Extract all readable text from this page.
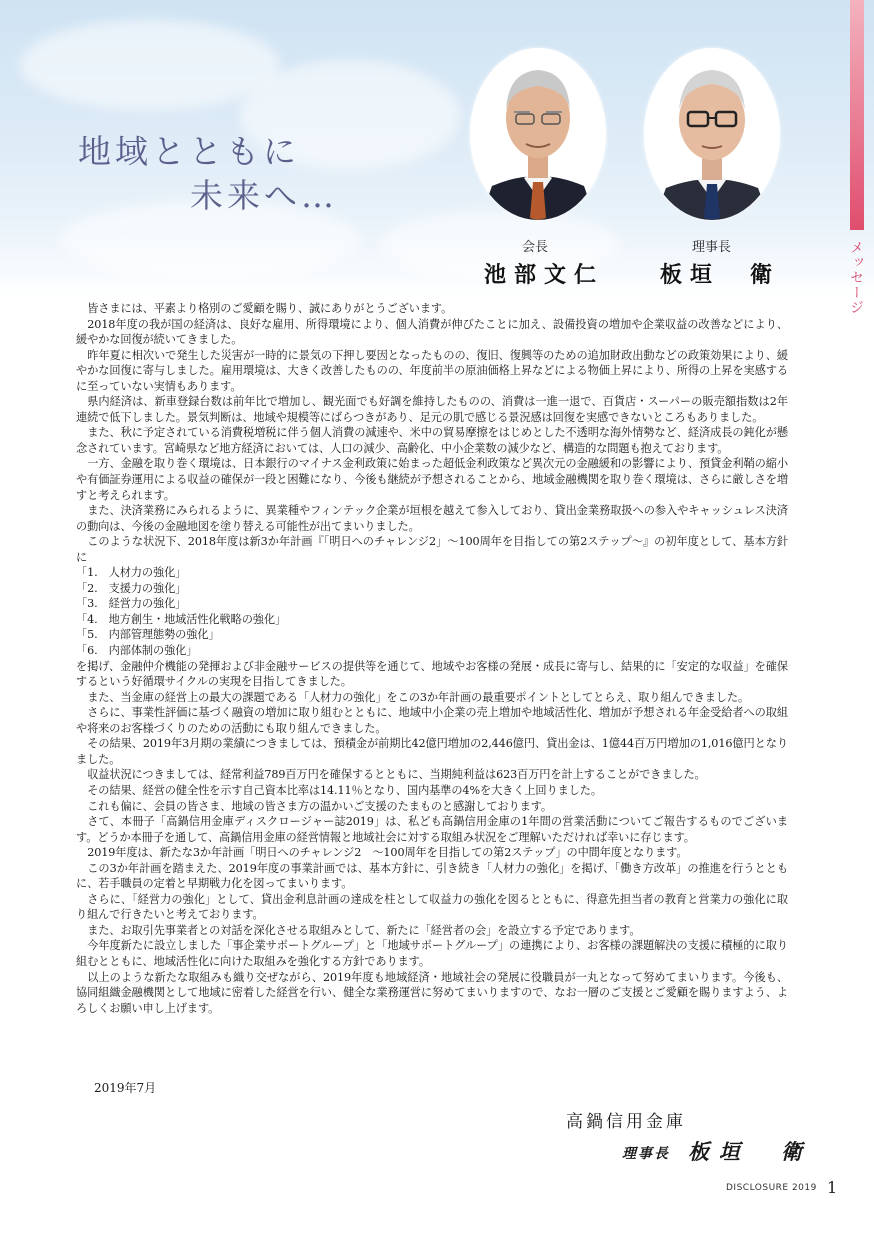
メッセージ
地域とともに
未来へ…
会長
池部文仁
理事長
板垣　衛

皆さまには、平素より格別のご愛顧を賜り、誠にありがとうございます。

2018年度の我が国の経済は、良好な雇用、所得環境により、個人消費が伸びたことに加え、設備投資の増加や企業収益の改善などにより、緩やかな回復が続いてきました。

昨年夏に相次いで発生した災害が一時的に景気の下押し要因となったものの、復旧、復興等のための追加財政出動などの政策効果により、緩やかな回復に寄与しました。雇用環境は、大きく改善したものの、年度前半の原油価格上昇などによる物価上昇により、所得の上昇を実感するに至っていない実情もあります。

県内経済は、新車登録台数は前年比で増加し、観光面でも好調を維持したものの、消費は一進一退で、百貨店・スーパーの販売額指数は2年連続で低下しました。景気判断は、地域や規模等にばらつきがあり、足元の肌で感じる景況感は回復を実感できないところもありました。

また、秋に予定されている消費税増税に伴う個人消費の減速や、米中の貿易摩擦をはじめとした不透明な海外情勢など、経済成長の鈍化が懸念されています。宮崎県など地方経済においては、人口の減少、高齢化、中小企業数の減少など、構造的な問題も抱えております。

一方、金融を取り巻く環境は、日本銀行のマイナス金利政策に始まった超低金利政策など異次元の金融緩和の影響により、預貸金利鞘の縮小や有価証券運用による収益の確保が一段と困難になり、今後も継続が予想されることから、地域金融機関を取り巻く環境は、さらに厳しさを増すと考えられます。

また、決済業務にみられるように、異業種やフィンテック企業が垣根を越えて参入しており、貸出金業務取扱への参入やキャッシュレス決済の動向は、今後の金融地図を塗り替える可能性が出てまいりました。

このような状況下、2018年度は新3か年計画『「明日へのチャレンジ2」〜100周年を目指しての第2ステップ〜』の初年度として、基本方針に

「1.　人材力の強化」

「2.　支援力の強化」

「3.　経営力の強化」

「4.　地方創生・地域活性化戦略の強化」

「5.　内部管理態勢の強化」

「6.　内部体制の強化」

を掲げ、金融仲介機能の発揮および非金融サービスの提供等を通じて、地域やお客様の発展・成長に寄与し、結果的に「安定的な収益」を確保するという好循環サイクルの実現を目指してきました。

また、当金庫の経営上の最大の課題である「人材力の強化」をこの3か年計画の最重要ポイントとしてとらえ、取り組んできました。

さらに、事業性評価に基づく融資の増加に取り組むとともに、地域中小企業の売上増加や地域活性化、増加が予想される年金受給者への取組や将来のお客様づくりのための活動にも取り組んできました。

その結果、2019年3月期の業績につきましては、預積金が前期比42億円増加の2,446億円、貸出金は、1億44百万円増加の1,016億円となりました。

収益状況につきましては、経常利益789百万円を確保するとともに、当期純利益は623百万円を計上することができました。

その結果、経営の健全性を示す自己資本比率は14.11％となり、国内基準の4%を大きく上回りました。

これも偏に、会員の皆さま、地域の皆さま方の温かいご支援のたまものと感謝しております。

さて、本冊子「高鍋信用金庫ディスクロージャー誌2019」は、私ども高鍋信用金庫の1年間の営業活動についてご報告するものでございます。どうか本冊子を通して、高鍋信用金庫の経営情報と地域社会に対する取組み状況をご理解いただければ幸いに存じます。

2019年度は、新たな3か年計画「明日へのチャレンジ2　〜100周年を目指しての第2ステップ」の中間年度となります。

この3か年計画を踏まえた、2019年度の事業計画では、基本方針に、引き続き「人材力の強化」を掲げ、「働き方改革」の推進を行うとともに、若手職員の定着と早期戦力化を図ってまいります。

さらに、「経営力の強化」として、貸出金利息計画の達成を柱として収益力の強化を図るとともに、得意先担当者の教育と営業力の強化に取り組んで行きたいと考えております。

また、お取引先事業者との対話を深化させる取組みとして、新たに「経営者の会」を設立する予定であります。

今年度新たに設立しました「事企業サポートグループ」と「地域サポートグループ」の連携により、お客様の課題解決の支援に積極的に取り組むとともに、地域活性化に向けた取組みを強化する方針であります。

以上のような新たな取組みも織り交ぜながら、2019年度も地域経済・地域社会の発展に役職員が一丸となって努めてまいります。今後も、協同組織金融機関として地域に密着した経営を行い、健全な業務運営に努めてまいりますので、なお一層のご支援とご愛顧を賜りますよう、よろしくお願い申し上げます。

2019年7月
高鍋信用金庫
理事長 板垣　衛
DISCLOSURE 2019 1
